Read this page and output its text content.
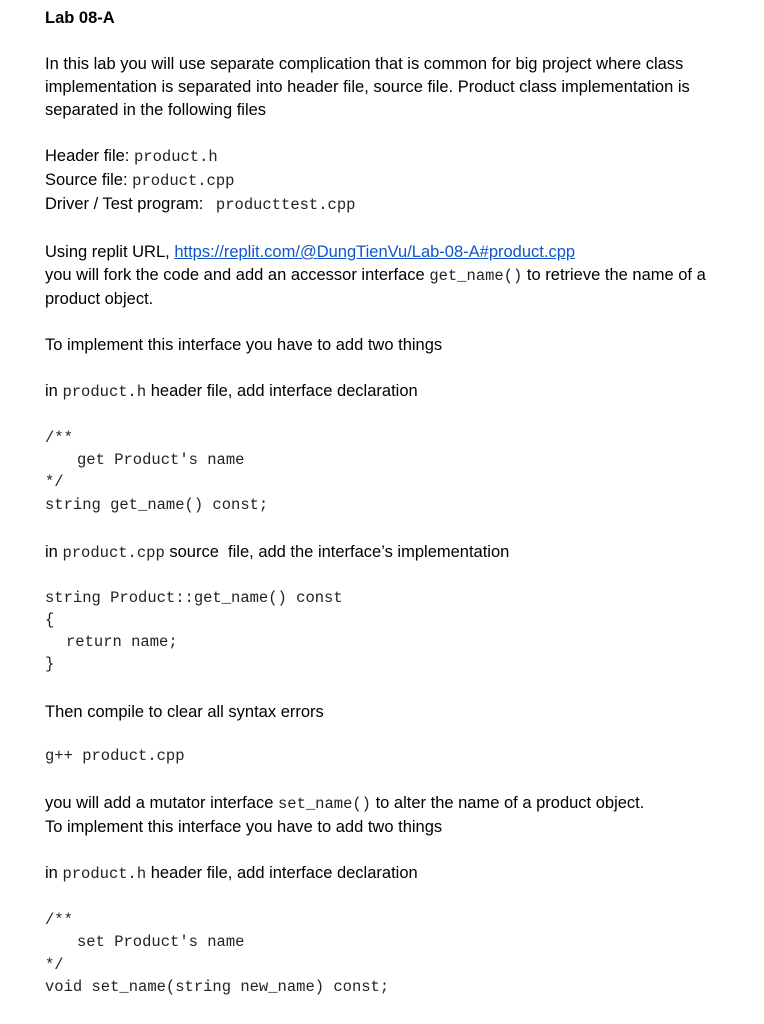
Lab 08-A
In this lab you will use separate complication that is common for big project where class
implementation is separated into header file, source file. Product class implementation is
separated in the following files
Header file: product.h
Source file: product.cpp
Driver / Test program: producttest.cpp
Using replit URL, https://replit.com/@DungTienVu/Lab-08-A#product.cpp
you will fork the code and add an accessor interface get_name() to retrieve the name of a
product object.
To implement this interface you have to add two things
in product.h header file, add interface declaration
/**
get Product's name
*/
string get_name() const;
in product.cpp source  file, add the interface’s implementation
string Product::get_name() const
{
return name;
}
Then compile to clear all syntax errors
g++ product.cpp
you will add a mutator interface set_name() to alter the name of a product object.
To implement this interface you have to add two things
in product.h header file, add interface declaration
/**
set Product's name
*/
void set_name(string new_name) const;
